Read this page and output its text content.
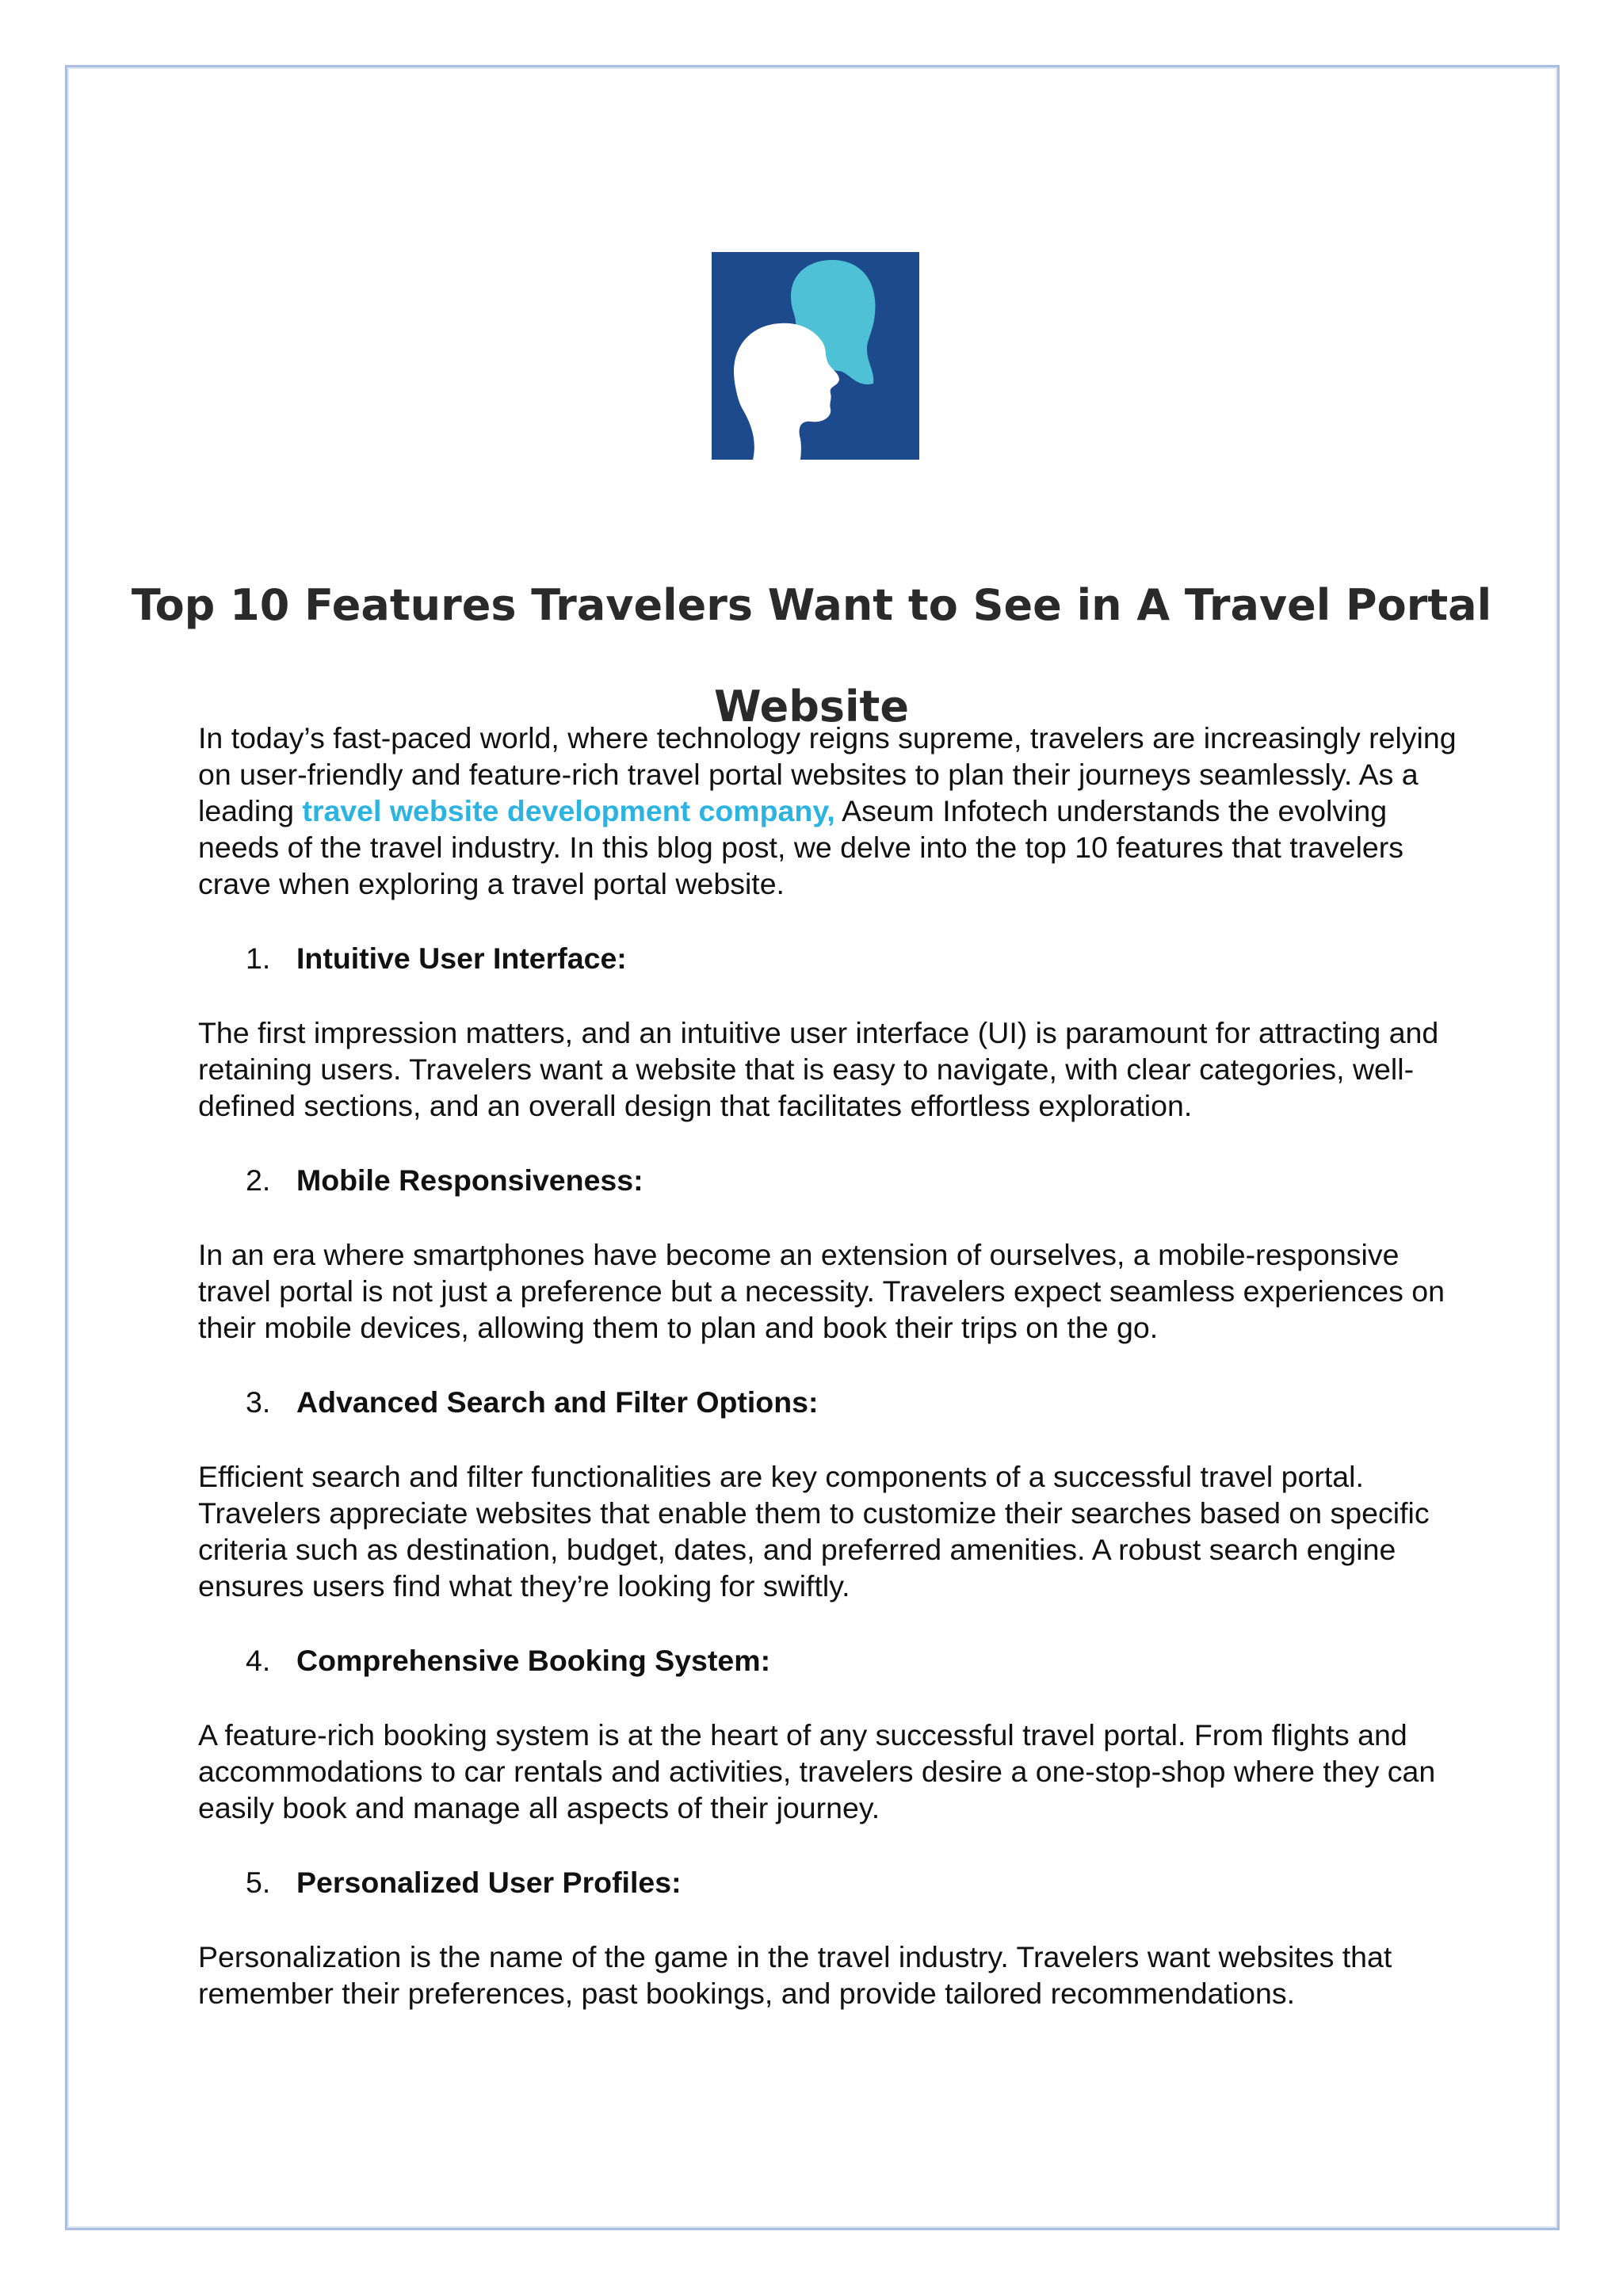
Top 10 Features Travelers Want to See in A Travel Portal Website

In today’s fast-paced world, where technology reigns supreme, travelers are increasingly relying on user-friendly and feature-rich travel portal websites to plan their journeys seamlessly. As a leading travel website development company, Aseum Infotech understands the evolving needs of the travel industry. In this blog post, we delve into the top 10 features that travelers crave when exploring a travel portal website.

1. Intuitive User Interface:

The first impression matters, and an intuitive user interface (UI) is paramount for attracting and retaining users. Travelers want a website that is easy to navigate, with clear categories, well-defined sections, and an overall design that facilitates effortless exploration.

2. Mobile Responsiveness:

In an era where smartphones have become an extension of ourselves, a mobile-responsive travel portal is not just a preference but a necessity. Travelers expect seamless experiences on their mobile devices, allowing them to plan and book their trips on the go.

3. Advanced Search and Filter Options:

Efficient search and filter functionalities are key components of a successful travel portal. Travelers appreciate websites that enable them to customize their searches based on specific criteria such as destination, budget, dates, and preferred amenities. A robust search engine ensures users find what they’re looking for swiftly.

4. Comprehensive Booking System:

A feature-rich booking system is at the heart of any successful travel portal. From flights and accommodations to car rentals and activities, travelers desire a one-stop-shop where they can easily book and manage all aspects of their journey.

5. Personalized User Profiles:

Personalization is the name of the game in the travel industry. Travelers want websites that remember their preferences, past bookings, and provide tailored recommendations.
